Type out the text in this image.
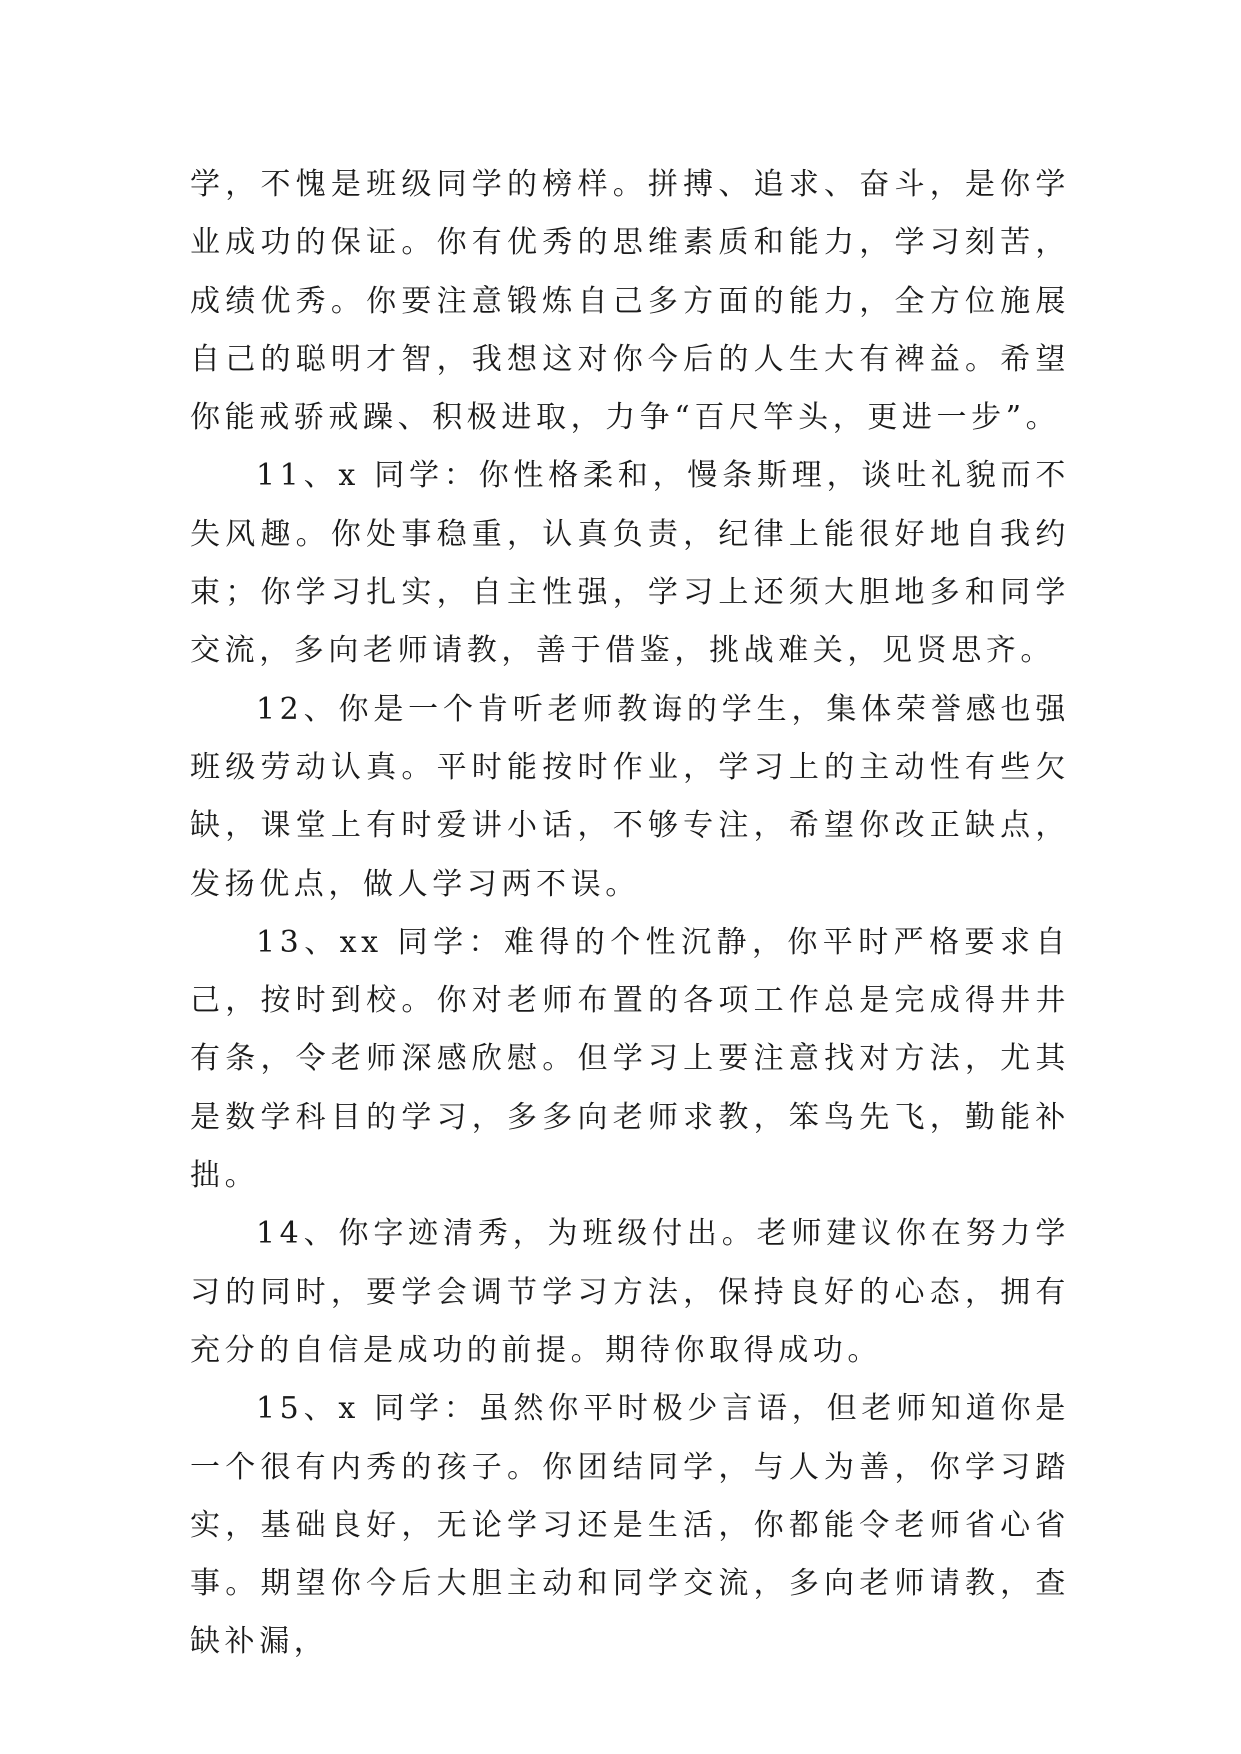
学，不愧是班级同学的榜样。拼搏、追求、奋斗，是你学业成功的保证。你有优秀的思维素质和能力，学习刻苦，成绩优秀。你要注意锻炼自己多方面的能力，全方位施展自己的聪明才智，我想这对你今后的人生大有裨益。希望你能戒骄戒躁、积极进取，力争“百尺竿头，更进一步”。

11、x 同学：你性格柔和，慢条斯理，谈吐礼貌而不失风趣。你处事稳重，认真负责，纪律上能很好地自我约束；你学习扎实，自主性强，学习上还须大胆地多和同学交流，多向老师请教，善于借鉴，挑战难关，见贤思齐。

12、你是一个肯听老师教诲的学生，集体荣誉感也强班级劳动认真。平时能按时作业，学习上的主动性有些欠缺，课堂上有时爱讲小话，不够专注，希望你改正缺点，发扬优点，做人学习两不误。

13、xx 同学：难得的个性沉静，你平时严格要求自己，按时到校。你对老师布置的各项工作总是完成得井井有条，令老师深感欣慰。但学习上要注意找对方法，尤其是数学科目的学习，多多向老师求教，笨鸟先飞，勤能补拙。

14、你字迹清秀，为班级付出。老师建议你在努力学习的同时，要学会调节学习方法，保持良好的心态，拥有充分的自信是成功的前提。期待你取得成功。

15、x 同学：虽然你平时极少言语，但老师知道你是一个很有内秀的孩子。你团结同学，与人为善，你学习踏实，基础良好，无论学习还是生活，你都能令老师省心省事。期望你今后大胆主动和同学交流，多向老师请教，查缺补漏，
